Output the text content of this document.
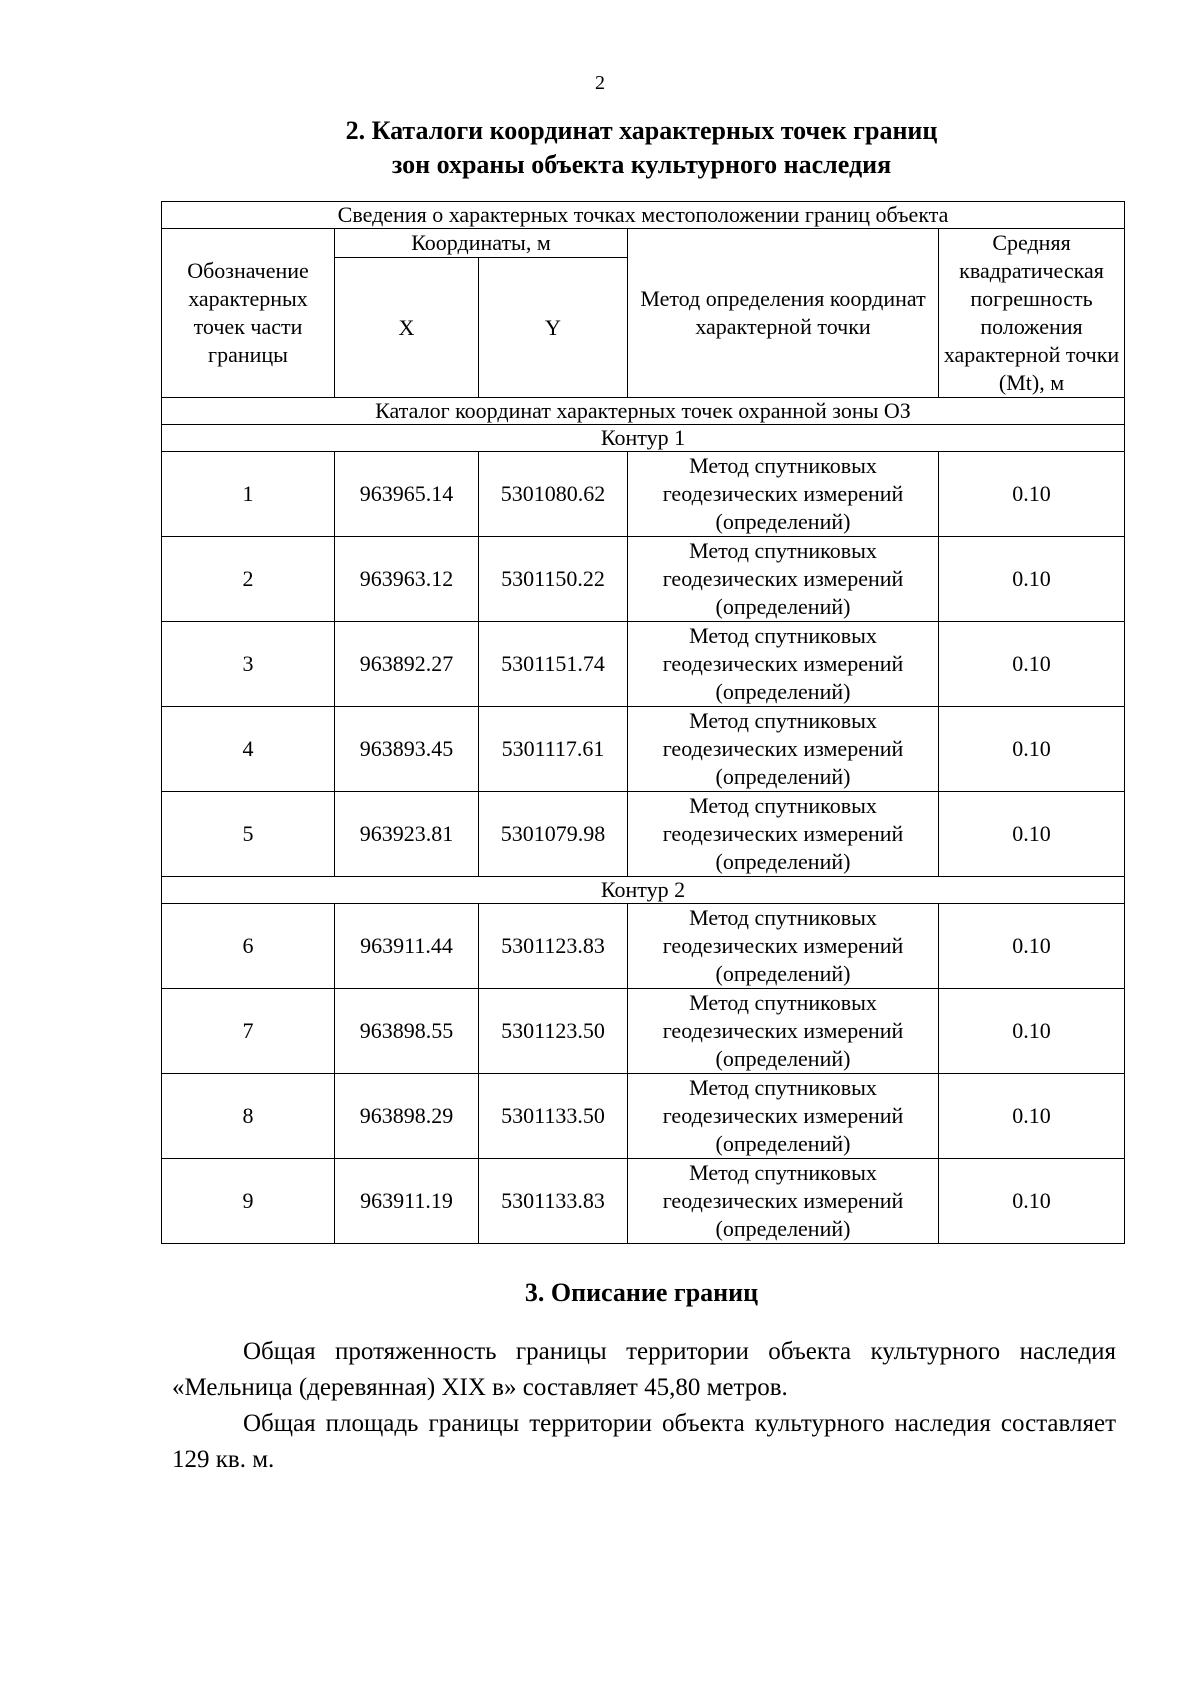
2
2. Каталоги координат характерных точек границ
зон охраны объекта культурного наследия
Сведения о характерных точках местоположении границ объекта				
Обозначение характерных точек части границы	Координаты, м		Метод определения координат характерной точки	Средняя квадратическая погрешность положения характерной точки (Mt), м
	X	Y		
Каталог координат характерных точек охранной зоны ОЗ				
Контур 1				
1	963965.14	5301080.62	Метод спутниковых геодезических измерений (определений)	0.10
2	963963.12	5301150.22	Метод спутниковых геодезических измерений (определений)	0.10
3	963892.27	5301151.74	Метод спутниковых геодезических измерений (определений)	0.10
4	963893.45	5301117.61	Метод спутниковых геодезических измерений (определений)	0.10
5	963923.81	5301079.98	Метод спутниковых геодезических измерений (определений)	0.10
Контур 2				
6	963911.44	5301123.83	Метод спутниковых геодезических измерений (определений)	0.10
7	963898.55	5301123.50	Метод спутниковых геодезических измерений (определений)	0.10
8	963898.29	5301133.50	Метод спутниковых геодезических измерений (определений)	0.10
9	963911.19	5301133.83	Метод спутниковых геодезических измерений (определений)	0.10
3. Описание границ

Общая протяженность границы территории объекта культурного наследия «Мельница (деревянная) XIX в» составляет 45,80 метров.

Общая площадь границы территории объекта культурного наследия составляет 129 кв. м.
